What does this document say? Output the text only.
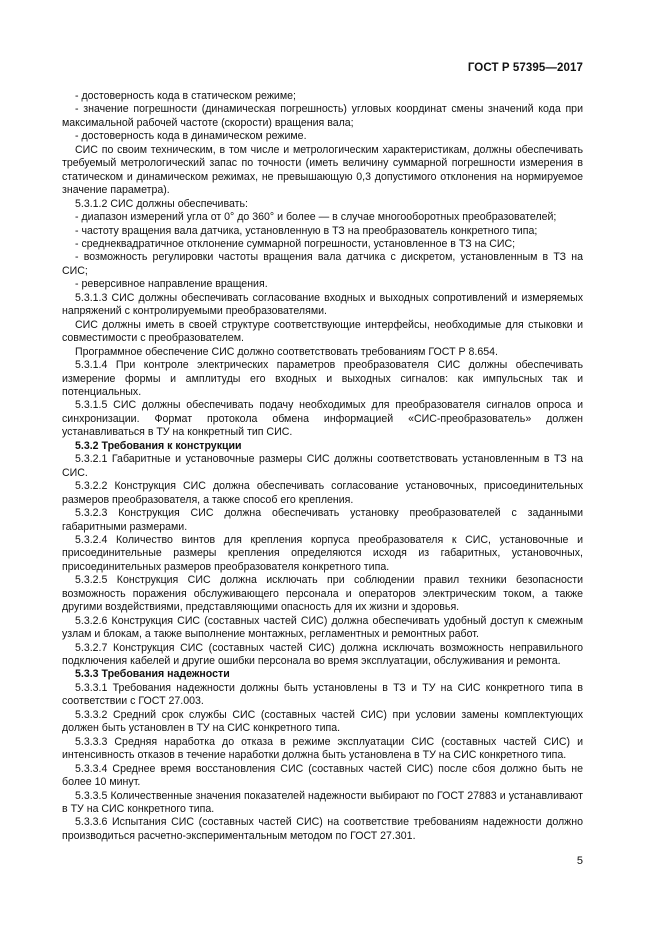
ГОСТ Р 57395—2017

- достоверность кода в статическом режиме;

- значение погрешности (динамическая погрешность) угловых координат смены значений кода при максимальной рабочей частоте (скорости) вращения вала;

- достоверность кода в динамическом режиме.

СИС по своим техническим, в том числе и метрологическим характеристикам, должны обеспечивать требуемый метрологический запас по точности (иметь величину суммарной погрешности измерения в статическом и динамическом режимах, не превышающую 0,3 допустимого отклонения на нормируемое значение параметра).

5.3.1.2 СИС должны обеспечивать:

- диапазон измерений угла от 0° до 360° и более — в случае многооборотных преобразователей;

- частоту вращения вала датчика, установленную в ТЗ на преобразователь конкретного типа;

- среднеквадратичное отклонение суммарной погрешности, установленное в ТЗ на СИС;

- возможность регулировки частоты вращения вала датчика с дискретом, установленным в ТЗ на СИС;

- реверсивное направление вращения.

5.3.1.3 СИС должны обеспечивать согласование входных и выходных сопротивлений и измеряемых напряжений с контролируемыми преобразователями.

СИС должны иметь в своей структуре соответствующие интерфейсы, необходимые для стыковки и совместимости с преобразователем.

Программное обеспечение СИС должно соответствовать требованиям ГОСТ Р 8.654.

5.3.1.4 При контроле электрических параметров преобразователя СИС должны обеспечивать измерение формы и амплитуды его входных и выходных сигналов: как импульсных так и потенциальных.

5.3.1.5 СИС должны обеспечивать подачу необходимых для преобразователя сигналов опроса и синхронизации. Формат протокола обмена информацией «СИС-преобразователь» должен устанавливаться в ТУ на конкретный тип СИС.

5.3.2 Требования к конструкции

5.3.2.1 Габаритные и установочные размеры СИС должны соответствовать установленным в ТЗ на СИС.

5.3.2.2 Конструкция СИС должна обеспечивать согласование установочных, присоединительных размеров преобразователя, а также способ его крепления.

5.3.2.3 Конструкция СИС должна обеспечивать установку преобразователей с заданными габаритными размерами.

5.3.2.4 Количество винтов для крепления корпуса преобразователя к СИС, установочные и присоединительные размеры крепления определяются исходя из габаритных, установочных, присоединительных размеров преобразователя конкретного типа.

5.3.2.5 Конструкция СИС должна исключать при соблюдении правил техники безопасности возможность поражения обслуживающего персонала и операторов электрическим током, а также другими воздействиями, представляющими опасность для их жизни и здоровья.

5.3.2.6 Конструкция СИС (составных частей СИС) должна обеспечивать удобный доступ к смежным узлам и блокам, а также выполнение монтажных, регламентных и ремонтных работ.

5.3.2.7 Конструкция СИС (составных частей СИС) должна исключать возможность неправильного подключения кабелей и другие ошибки персонала во время эксплуатации, обслуживания и ремонта.

5.3.3 Требования надежности

5.3.3.1 Требования надежности должны быть установлены в ТЗ и ТУ на СИС конкретного типа в соответствии с ГОСТ 27.003.

5.3.3.2 Средний срок службы СИС (составных частей СИС) при условии замены комплектующих должен быть установлен в ТУ на СИС конкретного типа.

5.3.3.3 Средняя наработка до отказа в режиме эксплуатации СИС (составных частей СИС) и интенсивность отказов в течение наработки должна быть установлена в ТУ на СИС конкретного типа.

5.3.3.4 Среднее время восстановления СИС (составных частей СИС) после сбоя должно быть не более 10 минут.

5.3.3.5 Количественные значения показателей надежности выбирают по ГОСТ 27883 и устанавливают в ТУ на СИС конкретного типа.

5.3.3.6 Испытания СИС (составных частей СИС) на соответствие требованиям надежности должно производиться расчетно-экспериментальным методом по ГОСТ 27.301.

5
